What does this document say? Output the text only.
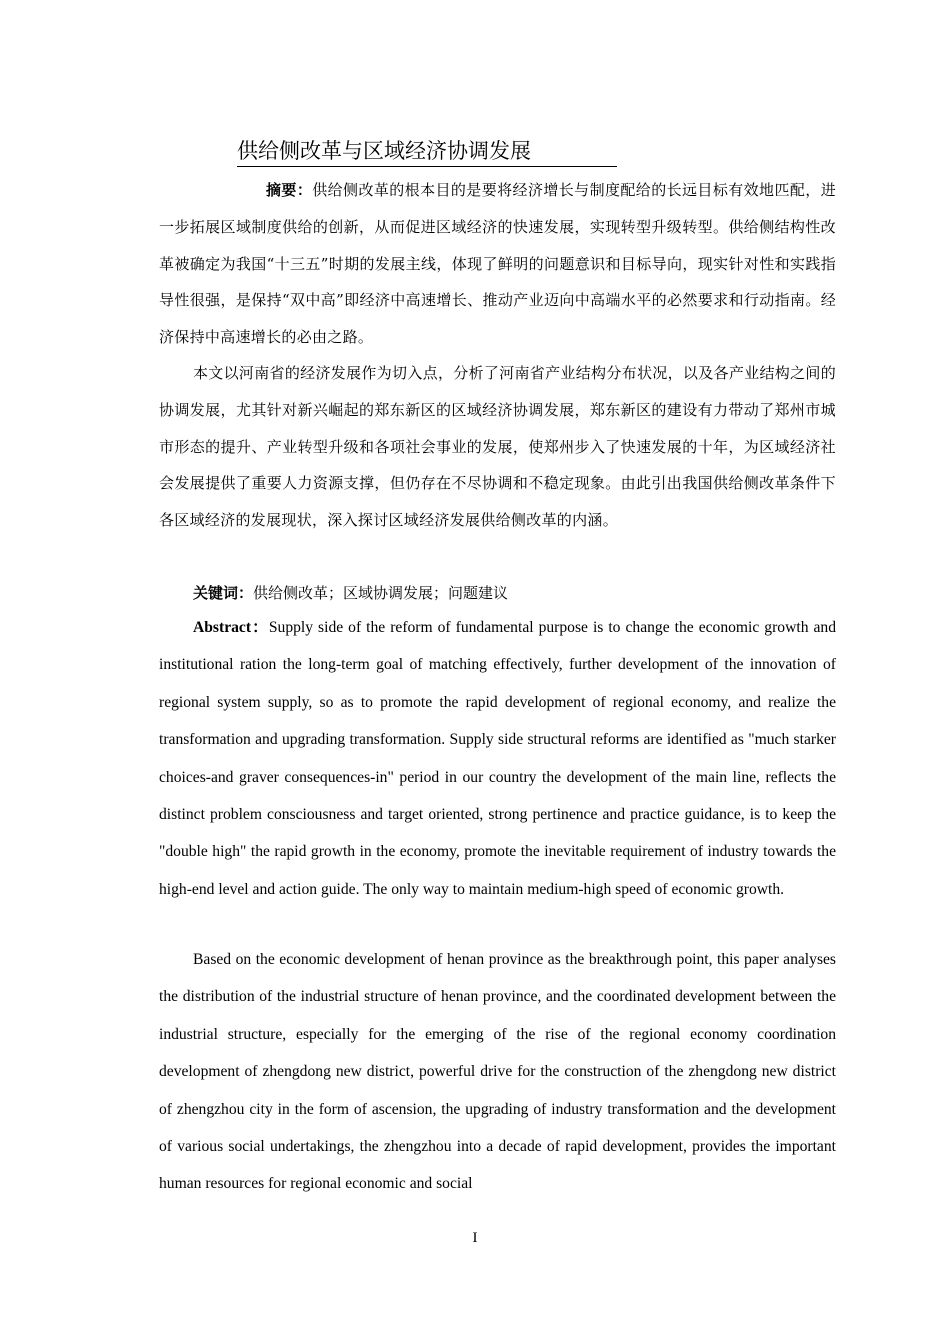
供给侧改革与区域经济协调发展
摘要：供给侧改革的根本目的是要将经济增长与制度配给的长远目标有效地匹配，进一步拓展区域制度供给的创新，从而促进区域经济的快速发展，实现转型升级转型。供给侧结构性改革被确定为我国“十三五”时期的发展主线，体现了鲜明的问题意识和目标导向，现实针对性和实践指导性很强，是保持“双中高”即经济中高速增长、推动产业迈向中高端水平的必然要求和行动指南。经济保持中高速增长的必由之路。
本文以河南省的经济发展作为切入点，分析了河南省产业结构分布状况，以及各产业结构之间的协调发展，尤其针对新兴崛起的郑东新区的区域经济协调发展，郑东新区的建设有力带动了郑州市城市形态的提升、产业转型升级和各项社会事业的发展，使郑州步入了快速发展的十年，为区域经济社会发展提供了重要人力资源支撑，但仍存在不尽协调和不稳定现象。由此引出我国供给侧改革条件下各区域经济的发展现状，深入探讨区域经济发展供给侧改革的内涵。
关键词：供给侧改革；区域协调发展；问题建议
Abstract：Supply side of the reform of fundamental purpose is to change the economic growth and institutional ration the long-term goal of matching effectively, further development of the innovation of regional system supply, so as to promote the rapid development of regional economy, and realize the transformation and upgrading transformation. Supply side structural reforms are identified as "much starker choices-and graver consequences-in" period in our country the development of the main line, reflects the distinct problem consciousness and target oriented, strong pertinence and practice guidance, is to keep the "double high" the rapid growth in the economy, promote the inevitable requirement of industry towards the high-end level and action guide. The only way to maintain medium-high speed of economic growth.
Based on the economic development of henan province as the breakthrough point, this paper analyses the distribution of the industrial structure of henan province, and the coordinated development between the industrial structure, especially for the emerging of the rise of the regional economy coordination development of zhengdong new district, powerful drive for the construction of the zhengdong new district of zhengzhou city in the form of ascension, the upgrading of industry transformation and the development of various social undertakings, the zhengzhou into a decade of rapid development, provides the important human resources for regional economic and social
I
